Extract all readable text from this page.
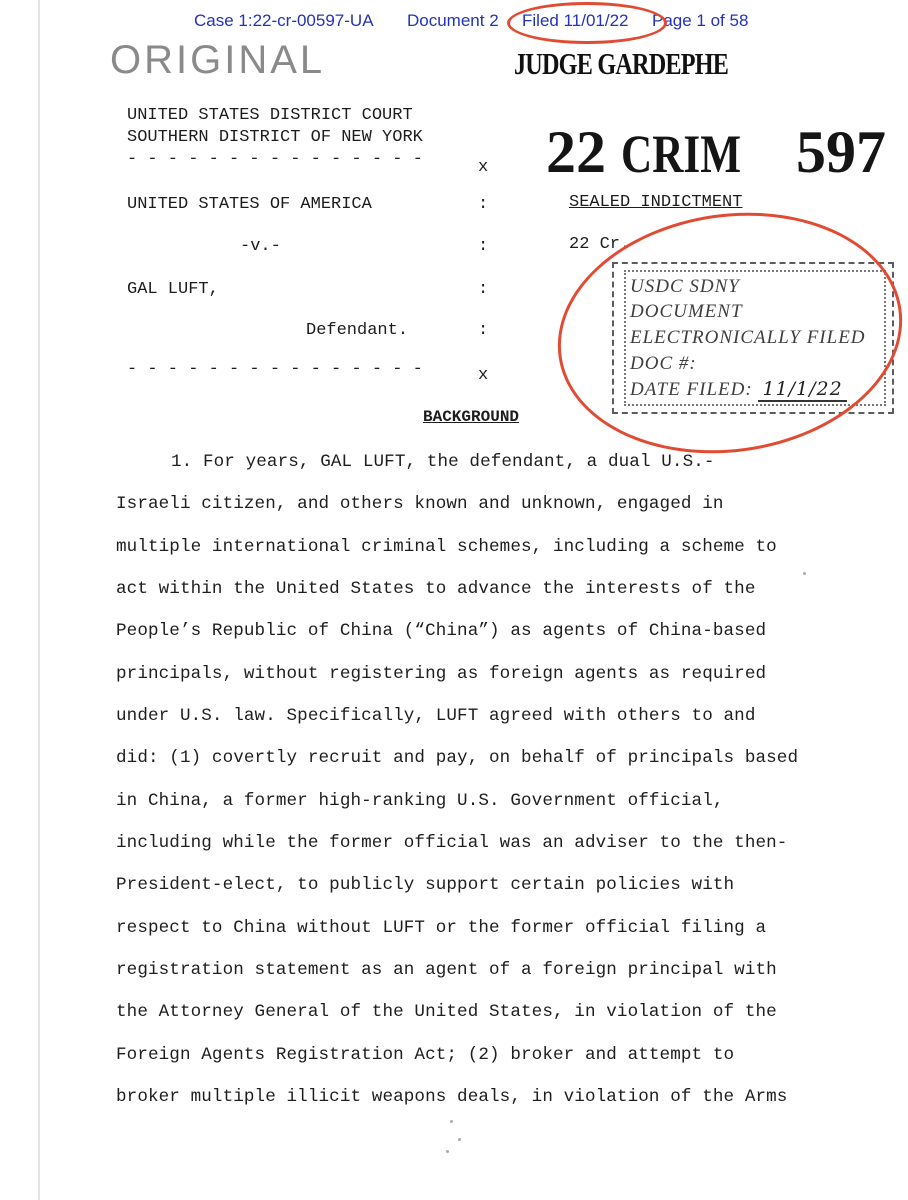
Case 1:22-cr-00597-UA Document 2 Filed 11/01/22 Page 1 of 58
ORIGINAL	JUDGE GARDEPHE
22 CRIM 597
UNITED STATES DISTRICT COURT
SOUTHERN DISTRICT OF NEW YORK
- - - - - - - - - - - - - - -	x
UNITED STATES OF AMERICA	:
-v.-	:
GAL LUFT,	:
Defendant.	:
- - - - - - - - - - - - - - -	x
SEALED INDICTMENT
22 Cr.
USDC SDNY
DOCUMENT
ELECTRONICALLY FILED
DOC #:
DATE FILED: 11/1/22
BACKGROUND
1. For years, GAL LUFT, the defendant, a dual U.S.-
Israeli citizen, and others known and unknown, engaged in
multiple international criminal schemes, including a scheme to
act within the United States to advance the interests of the
People’s Republic of China (“China”) as agents of China-based
principals, without registering as foreign agents as required
under U.S. law. Specifically, LUFT agreed with others to and
did: (1) covertly recruit and pay, on behalf of principals based
in China, a former high-ranking U.S. Government official,
including while the former official was an adviser to the then-
President-elect, to publicly support certain policies with
respect to China without LUFT or the former official filing a
registration statement as an agent of a foreign principal with
the Attorney General of the United States, in violation of the
Foreign Agents Registration Act; (2) broker and attempt to
broker multiple illicit weapons deals, in violation of the Arms
